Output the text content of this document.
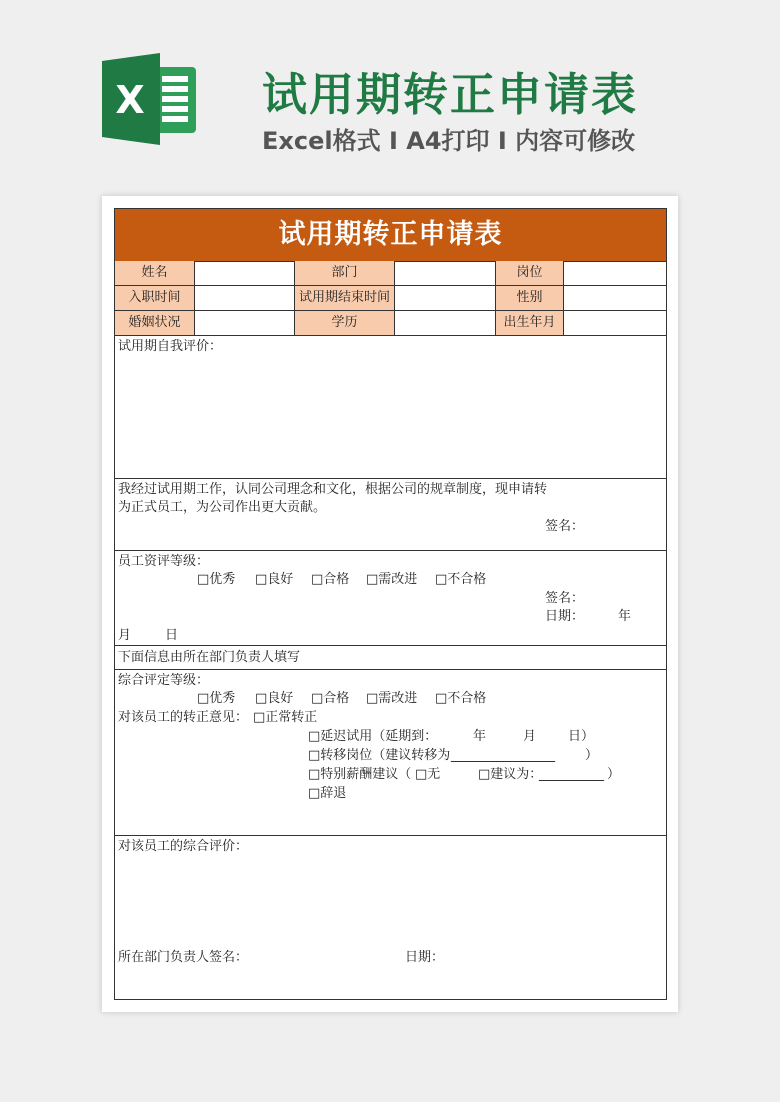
X	试用期转正申请表
Excel格式 I A4打印 I 内容可修改
试用期转正申请表
姓名	部门	岗位
入职时间	试用期结束时间	性别
婚姻状况	学历	出生年月
试用期自我评价：
我经过试用期工作，认同公司理念和文化，根据公司的规章制度，现申请转
为正式员工，为公司作出更大贡献。
签名：
员工资评等级：
□优秀 □良好 □合格 □需改进 □不合格
签名：
日期：	年
月	日
下面信息由所在部门负责人填写
综合评定等级：
□优秀 □良好 □合格 □需改进 □不合格
对该员工的转正意见： □正常转正
□延迟试用（延期到：	年	月 日）
□转移岗位（建议转移为 ________________ ）
□特别薪酬建议（ □无	□建议为：
__________ ）
□辞退
对该员工的综合评价：
所在部门负责人签名：	日期：
